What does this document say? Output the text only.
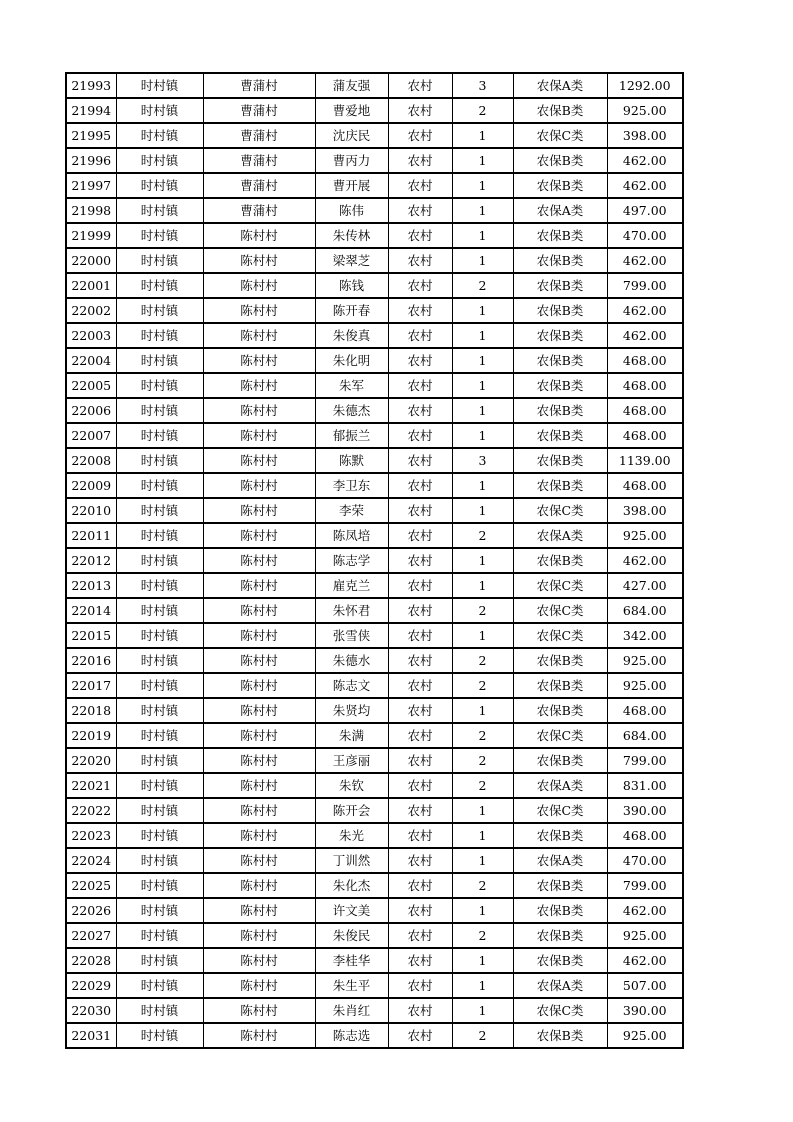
21993	时村镇	曹蒲村	蒲友强	农村	3	农保A类	1292.00
21994	时村镇	曹蒲村	曹爱地	农村	2	农保B类	925.00
21995	时村镇	曹蒲村	沈庆民	农村	1	农保C类	398.00
21996	时村镇	曹蒲村	曹丙力	农村	1	农保B类	462.00
21997	时村镇	曹蒲村	曹开展	农村	1	农保B类	462.00
21998	时村镇	曹蒲村	陈伟	农村	1	农保A类	497.00
21999	时村镇	陈村村	朱传林	农村	1	农保B类	470.00
22000	时村镇	陈村村	梁翠芝	农村	1	农保B类	462.00
22001	时村镇	陈村村	陈钱	农村	2	农保B类	799.00
22002	时村镇	陈村村	陈开春	农村	1	农保B类	462.00
22003	时村镇	陈村村	朱俊真	农村	1	农保B类	462.00
22004	时村镇	陈村村	朱化明	农村	1	农保B类	468.00
22005	时村镇	陈村村	朱军	农村	1	农保B类	468.00
22006	时村镇	陈村村	朱德杰	农村	1	农保B类	468.00
22007	时村镇	陈村村	郁振兰	农村	1	农保B类	468.00
22008	时村镇	陈村村	陈默	农村	3	农保B类	1139.00
22009	时村镇	陈村村	李卫东	农村	1	农保B类	468.00
22010	时村镇	陈村村	李荣	农村	1	农保C类	398.00
22011	时村镇	陈村村	陈凤培	农村	2	农保A类	925.00
22012	时村镇	陈村村	陈志学	农村	1	农保B类	462.00
22013	时村镇	陈村村	雇克兰	农村	1	农保C类	427.00
22014	时村镇	陈村村	朱怀君	农村	2	农保C类	684.00
22015	时村镇	陈村村	张雪侠	农村	1	农保C类	342.00
22016	时村镇	陈村村	朱德水	农村	2	农保B类	925.00
22017	时村镇	陈村村	陈志文	农村	2	农保B类	925.00
22018	时村镇	陈村村	朱贤均	农村	1	农保B类	468.00
22019	时村镇	陈村村	朱满	农村	2	农保C类	684.00
22020	时村镇	陈村村	王彦丽	农村	2	农保B类	799.00
22021	时村镇	陈村村	朱钦	农村	2	农保A类	831.00
22022	时村镇	陈村村	陈开会	农村	1	农保C类	390.00
22023	时村镇	陈村村	朱光	农村	1	农保B类	468.00
22024	时村镇	陈村村	丁训然	农村	1	农保A类	470.00
22025	时村镇	陈村村	朱化杰	农村	2	农保B类	799.00
22026	时村镇	陈村村	许文美	农村	1	农保B类	462.00
22027	时村镇	陈村村	朱俊民	农村	2	农保B类	925.00
22028	时村镇	陈村村	李桂华	农村	1	农保B类	462.00
22029	时村镇	陈村村	朱生平	农村	1	农保A类	507.00
22030	时村镇	陈村村	朱肖红	农村	1	农保C类	390.00
22031	时村镇	陈村村	陈志选	农村	2	农保B类	925.00
